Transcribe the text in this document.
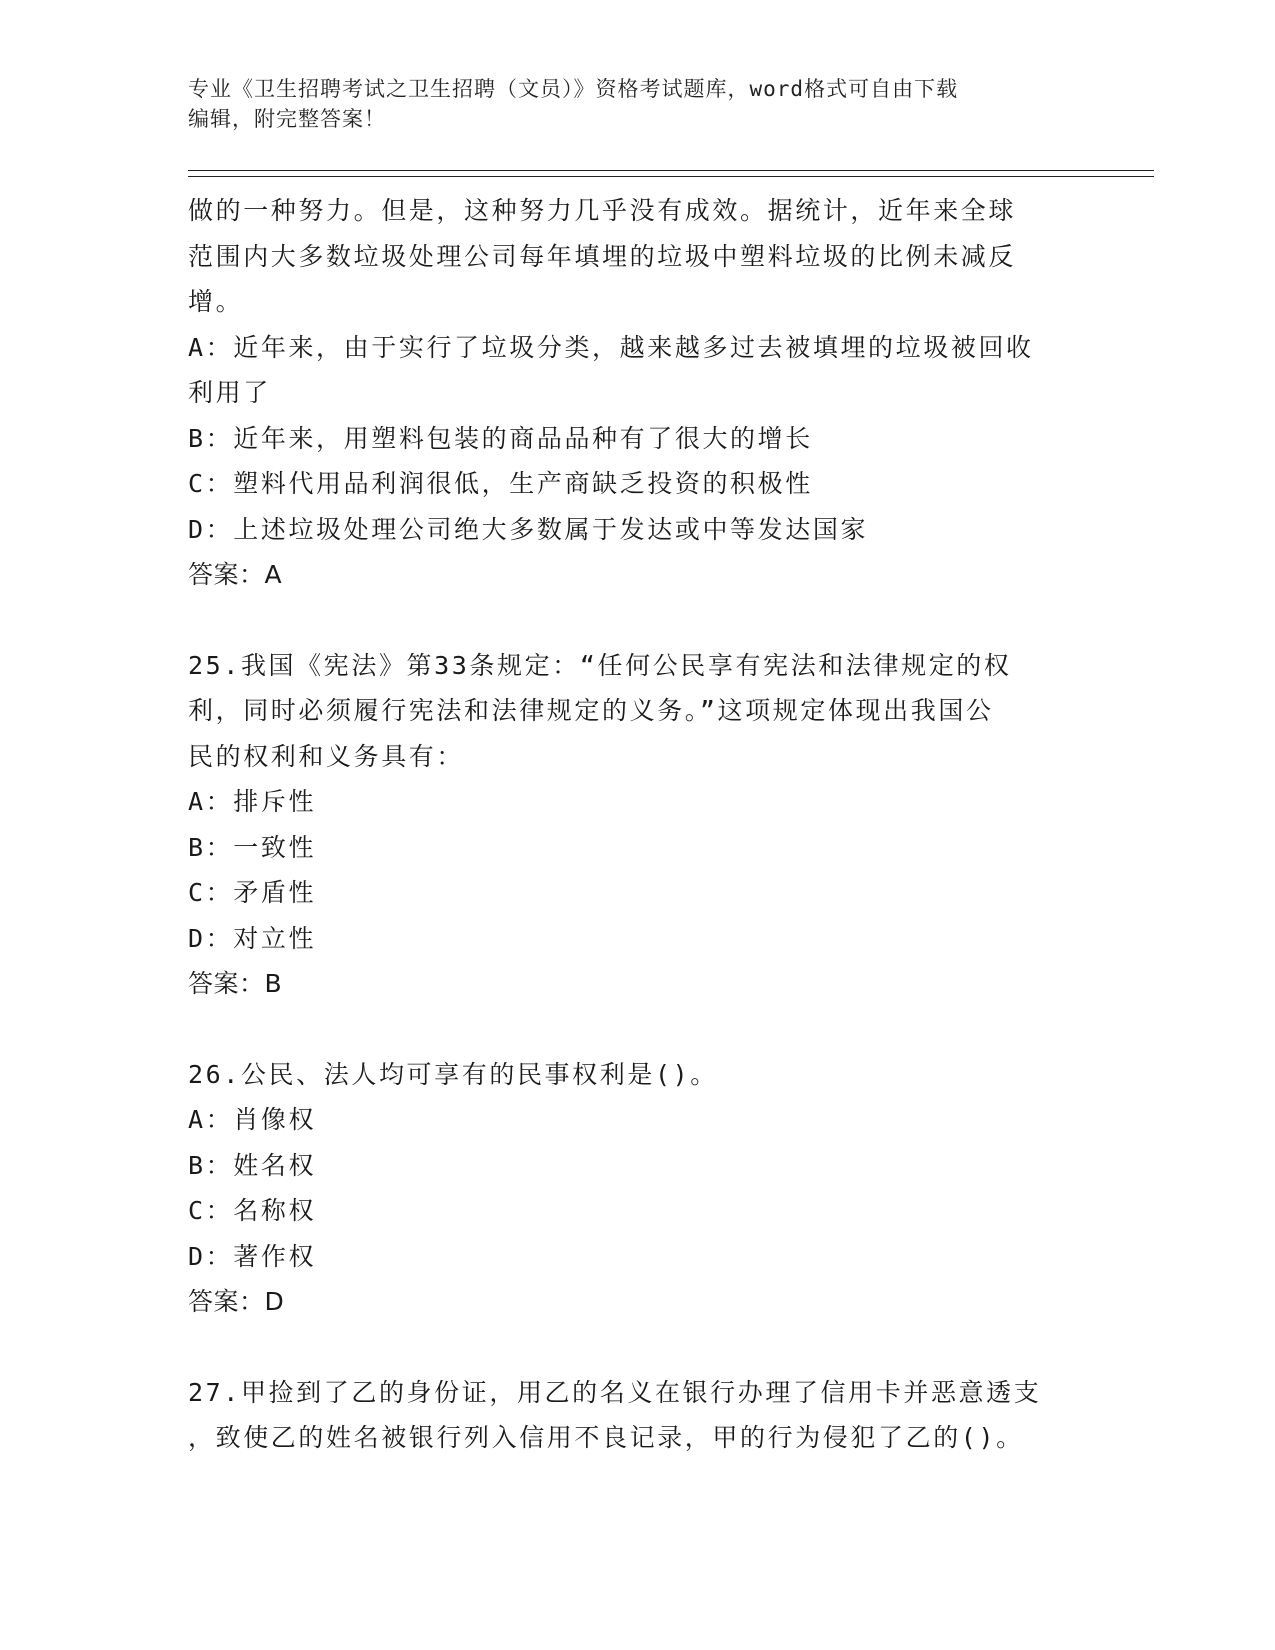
专业《卫生招聘考试之卫生招聘（文员）》资格考试题库，word格式可自由下载
编辑，附完整答案！
做的一种努力。但是，这种努力几乎没有成效。据统计，近年来全球
范围内大多数垃圾处理公司每年填埋的垃圾中塑料垃圾的比例未减反
增。
A：近年来，由于实行了垃圾分类，越来越多过去被填埋的垃圾被回收
利用了
B：近年来，用塑料包装的商品品种有了很大的增长
C：塑料代用品利润很低，生产商缺乏投资的积极性
D：上述垃圾处理公司绝大多数属于发达或中等发达国家
答案：A
25.我国《宪法》第33条规定：“任何公民享有宪法和法律规定的权
利，同时必须履行宪法和法律规定的义务。”这项规定体现出我国公
民的权利和义务具有：
A：排斥性
B：一致性
C：矛盾性
D：对立性
答案：B
26.公民、法人均可享有的民事权利是()。
A：肖像权
B：姓名权
C：名称权
D：著作权
答案：D
27.甲捡到了乙的身份证，用乙的名义在银行办理了信用卡并恶意透支
，致使乙的姓名被银行列入信用不良记录，甲的行为侵犯了乙的()。
